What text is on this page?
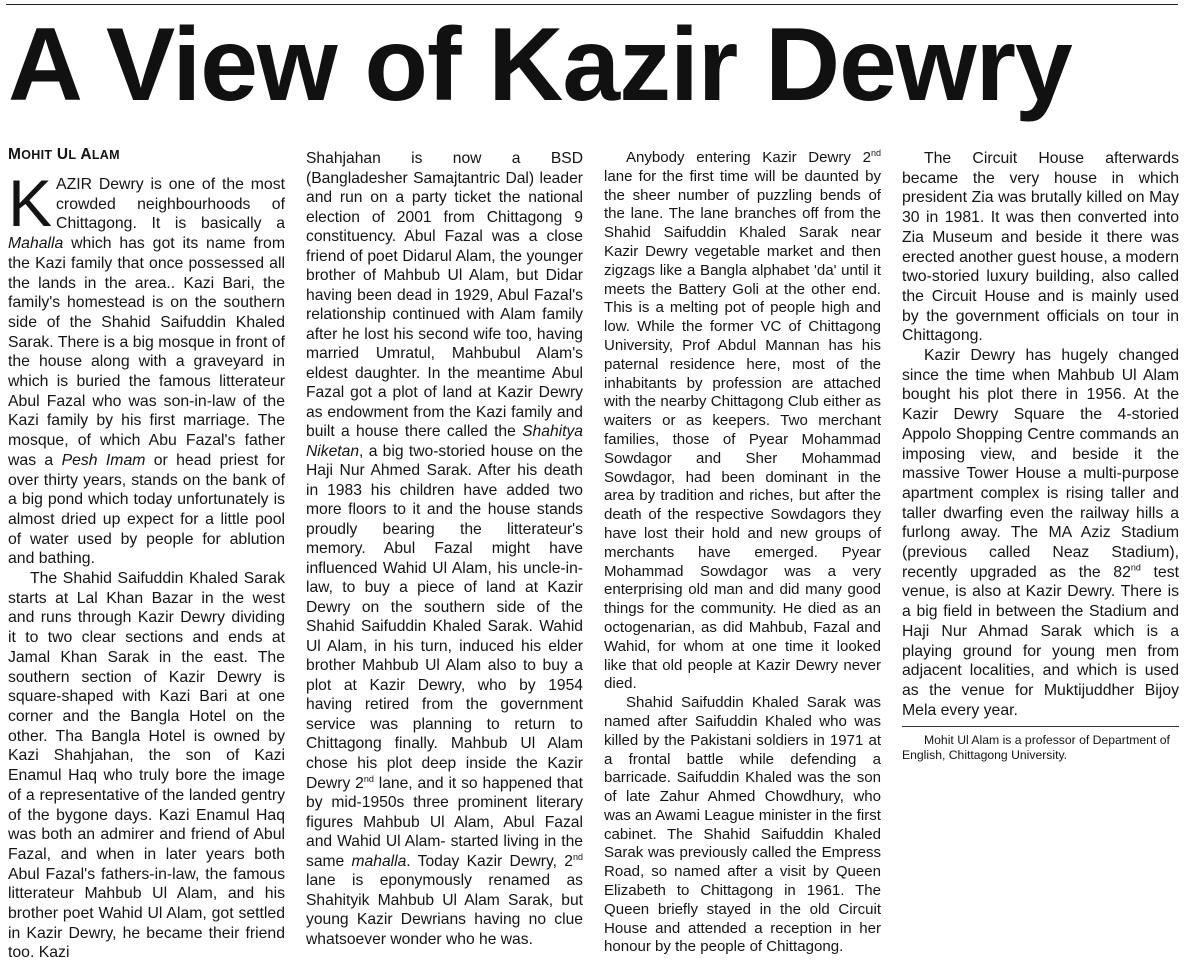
A View of Kazir Dewry
MOHIT UL ALAM

KAZIR Dewry is one of the most crowded neighbourhoods of Chittagong. It is basically a Mahalla which has got its name from the Kazi family that once possessed all the lands in the area.. Kazi Bari, the family's homestead is on the southern side of the Shahid Saifuddin Khaled Sarak. There is a big mosque in front of the house along with a graveyard in which is buried the famous litterateur Abul Fazal who was son-in-law of the Kazi family by his first marriage. The mosque, of which Abu Fazal's father was a Pesh Imam or head priest for over thirty years, stands on the bank of a big pond which today unfortunately is almost dried up expect for a little pool of water used by people for ablution and bathing.

The Shahid Saifuddin Khaled Sarak starts at Lal Khan Bazar in the west and runs through Kazir Dewry dividing it to two clear sections and ends at Jamal Khan Sarak in the east. The southern section of Kazir Dewry is square-shaped with Kazi Bari at one corner and the Bangla Hotel on the other. Tha Bangla Hotel is owned by Kazi Shahjahan, the son of Kazi Enamul Haq who truly bore the image of a representative of the landed gentry of the bygone days. Kazi Enamul Haq was both an admirer and friend of Abul Fazal, and when in later years both Abul Fazal's fathers-in-law, the famous litterateur Mahbub Ul Alam, and his brother poet Wahid Ul Alam, got settled in Kazir Dewry, he became their friend too. Kazi

Shahjahan is now a BSD (Bangladesher Samajtantric Dal) leader and run on a party ticket the national election of 2001 from Chittagong 9 constituency. Abul Fazal was a close friend of poet Didarul Alam, the younger brother of Mahbub Ul Alam, but Didar having been dead in 1929, Abul Fazal's relationship continued with Alam family after he lost his second wife too, having married Umratul, Mahbubul Alam's eldest daughter. In the meantime Abul Fazal got a plot of land at Kazir Dewry as endowment from the Kazi family and built a house there called the Shahitya Niketan, a big two-storied house on the Haji Nur Ahmed Sarak. After his death in 1983 his children have added two more floors to it and the house stands proudly bearing the litterateur's memory. Abul Fazal might have influenced Wahid Ul Alam, his uncle-in-law, to buy a piece of land at Kazir Dewry on the southern side of the Shahid Saifuddin Khaled Sarak. Wahid Ul Alam, in his turn, induced his elder brother Mahbub Ul Alam also to buy a plot at Kazir Dewry, who by 1954 having retired from the government service was planning to return to Chittagong finally. Mahbub Ul Alam chose his plot deep inside the Kazir Dewry 2nd lane, and it so happened that by mid-1950s three prominent literary figures Mahbub Ul Alam, Abul Fazal and Wahid Ul Alam- started living in the same mahalla. Today Kazir Dewry, 2nd lane is eponymously renamed as Shahityik Mahbub Ul Alam Sarak, but young Kazir Dewrians having no clue whatsoever wonder who he was.

Anybody entering Kazir Dewry 2nd lane for the first time will be daunted by the sheer number of puzzling bends of the lane. The lane branches off from the Shahid Saifuddin Khaled Sarak near Kazir Dewry vegetable market and then zigzags like a Bangla alphabet 'da' until it meets the Battery Goli at the other end. This is a melting pot of people high and low. While the former VC of Chittagong University, Prof Abdul Mannan has his paternal residence here, most of the inhabitants by profession are attached with the nearby Chittagong Club either as waiters or as keepers. Two merchant families, those of Pyear Mohammad Sowdagor and Sher Mohammad Sowdagor, had been dominant in the area by tradition and riches, but after the death of the respective Sowdagors they have lost their hold and new groups of merchants have emerged. Pyear Mohammad Sowdagor was a very enterprising old man and did many good things for the community. He died as an octogenarian, as did Mahbub, Fazal and Wahid, for whom at one time it looked like that old people at Kazir Dewry never died.

Shahid Saifuddin Khaled Sarak was named after Saifuddin Khaled who was killed by the Pakistani soldiers in 1971 at a frontal battle while defending a barricade. Saifuddin Khaled was the son of late Zahur Ahmed Chowdhury, who was an Awami League minister in the first cabinet. The Shahid Saifuddin Khaled Sarak was previously called the Empress Road, so named after a visit by Queen Elizabeth to Chittagong in 1961. The Queen briefly stayed in the old Circuit House and attended a reception in her honour by the people of Chittagong.

The Circuit House afterwards became the very house in which president Zia was brutally killed on May 30 in 1981. It was then converted into Zia Museum and beside it there was erected another guest house, a modern two-storied luxury building, also called the Circuit House and is mainly used by the government officials on tour in Chittagong.

Kazir Dewry has hugely changed since the time when Mahbub Ul Alam bought his plot there in 1956. At the Kazir Dewry Square the 4-storied Appolo Shopping Centre commands an imposing view, and beside it the massive Tower House a multi-purpose apartment complex is rising taller and taller dwarfing even the railway hills a furlong away. The MA Aziz Stadium (previous called Neaz Stadium), recently upgraded as the 82nd test venue, is also at Kazir Dewry. There is a big field in between the Stadium and Haji Nur Ahmad Sarak which is a playing ground for young men from adjacent localities, and which is used as the venue for Muktijuddher Bijoy Mela every year.

Mohit Ul Alam is a professor of Department of English, Chittagong University.
